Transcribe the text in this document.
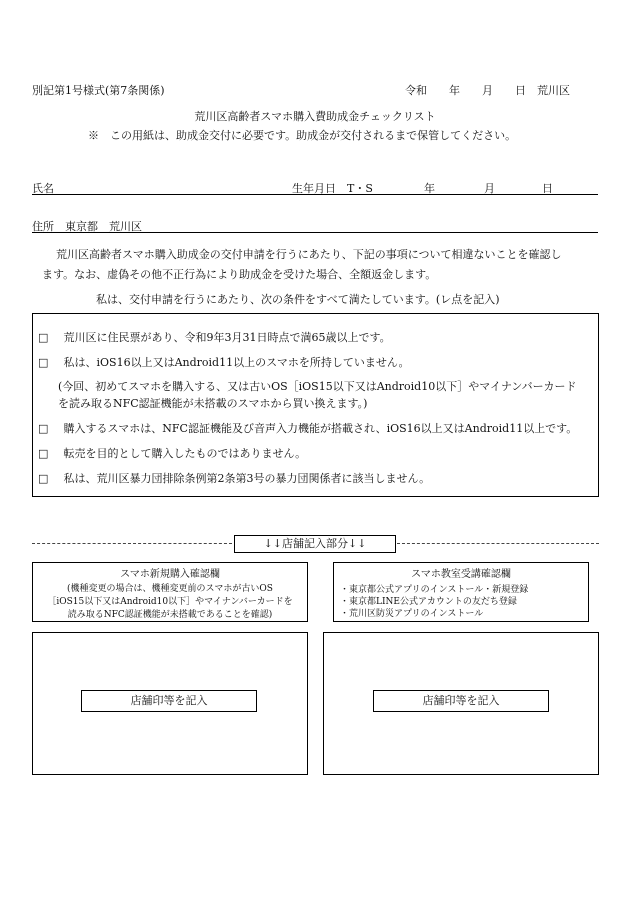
別記第1号様式(第7条関係)	令和　　年　　月　　日　荒川区
荒川区高齢者スマホ購入費助成金チェックリスト
※　この用紙は、助成金交付に必要です。助成金が交付されるまで保管してください。
氏名	生年月日　T・S	年	月	日
住所　東京都　荒川区
荒川区高齢者スマホ購入助成金の交付申請を行うにあたり、下記の事項について相違ないことを確認し
ます。なお、虚偽その他不正行為により助成金を受けた場合、全額返金します。
私は、交付申請を行うにあたり、次の条件をすべて満たしています。(レ点を記入)
□ 荒川区に住民票があり、令和9年3月31日時点で満65歳以上です。
□ 私は、iOS16以上又はAndroid11以上のスマホを所持していません。
(今回、初めてスマホを購入する、又は古いOS［iOS15以下又はAndroid10以下］やマイナンバーカード
を読み取るNFC認証機能が未搭載のスマホから買い換えます。)
□ 購入するスマホは、NFC認証機能及び音声入力機能が搭載され、iOS16以上又はAndroid11以上です。
□ 転売を目的として購入したものではありません。
□ 私は、荒川区暴力団排除条例第2条第3号の暴力団関係者に該当しません。
↓↓店舗記入部分↓↓
スマホ新規購入確認欄
(機種変更の場合は、機種変更前のスマホが古いOS
［iOS15以下又はAndroid10以下］やマイナンバーカードを
読み取るNFC認証機能が未搭載であることを確認)
スマホ教室受講確認欄
・東京都公式アプリのインストール・新規登録
・東京都LINE公式アカウントの友だち登録
・荒川区防災アプリのインストール
店舗印等を記入	店舗印等を記入
